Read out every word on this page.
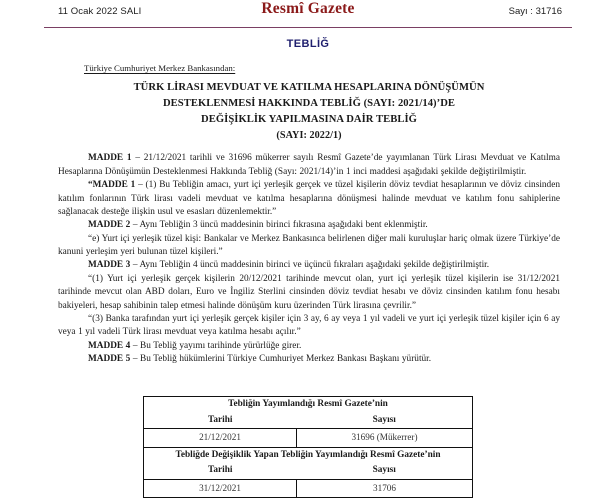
11 Ocak 2022 SALI	Resmî Gazete	Sayı : 31716
TEBLİĞ
Türkiye Cumhuriyet Merkez Bankasından:
TÜRK LİRASI MEVDUAT VE KATILMA HESAPLARINA DÖNÜŞÜMÜN
DESTEKLENMESİ HAKKINDA TEBLİĞ (SAYI: 2021/14)’DE
DEĞİŞİKLİK YAPILMASINA DAİR TEBLİĞ

(SAYI: 2022/1)

MADDE 1 – 21/12/2021 tarihli ve 31696 mükerrer sayılı Resmî Gazete’de yayımlanan Türk Lirası Mevduat ve Katılma Hesaplarına Dönüşümün Desteklenmesi Hakkında Tebliğ (Sayı: 2021/14)’in 1 inci maddesi aşağıdaki şekilde değiştirilmiştir.

“MADDE 1 – (1) Bu Tebliğin amacı, yurt içi yerleşik gerçek ve tüzel kişilerin döviz tevdiat hesaplarının ve döviz cinsinden katılım fonlarının Türk lirası vadeli mevduat ve katılma hesaplarına dönüşmesi halinde mevduat ve katılım fonu sahiplerine sağlanacak desteğe ilişkin usul ve esasları düzenlemektir.”

MADDE 2 – Aynı Tebliğin 3 üncü maddesinin birinci fıkrasına aşağıdaki bent eklenmiştir.

“e) Yurt içi yerleşik tüzel kişi: Bankalar ve Merkez Bankasınca belirlenen diğer mali kuruluşlar hariç olmak üzere Türkiye’de kanuni yerleşim yeri bulunan tüzel kişileri.”

MADDE 3 – Aynı Tebliğin 4 üncü maddesinin birinci ve üçüncü fıkraları aşağıdaki şekilde değiştirilmiştir.

“(1) Yurt içi yerleşik gerçek kişilerin 20/12/2021 tarihinde mevcut olan, yurt içi yerleşik tüzel kişilerin ise 31/12/2021 tarihinde mevcut olan ABD doları, Euro ve İngiliz Sterlini cinsinden döviz tevdiat hesabı ve döviz cinsinden katılım fonu hesabı bakiyeleri, hesap sahibinin talep etmesi halinde dönüşüm kuru üzerinden Türk lirasına çevrilir.”

“(3) Banka tarafından yurt içi yerleşik gerçek kişiler için 3 ay, 6 ay veya 1 yıl vadeli ve yurt içi yerleşik tüzel kişiler için 6 ay veya 1 yıl vadeli Türk lirası mevduat veya katılma hesabı açılır.”

MADDE 4 – Bu Tebliğ yayımı tarihinde yürürlüğe girer.

MADDE 5 – Bu Tebliğ hükümlerini Türkiye Cumhuriyet Merkez Bankası Başkanı yürütür.

Tebliğin Yayımlandığı Resmî Gazete’nin	
Tarihi	Sayısı
21/12/2021	31696 (Mükerrer)
Tebliğde Değişiklik Yapan Tebliğin Yayımlandığı Resmî Gazete’nin	
Tarihi	Sayısı
31/12/2021	31706
